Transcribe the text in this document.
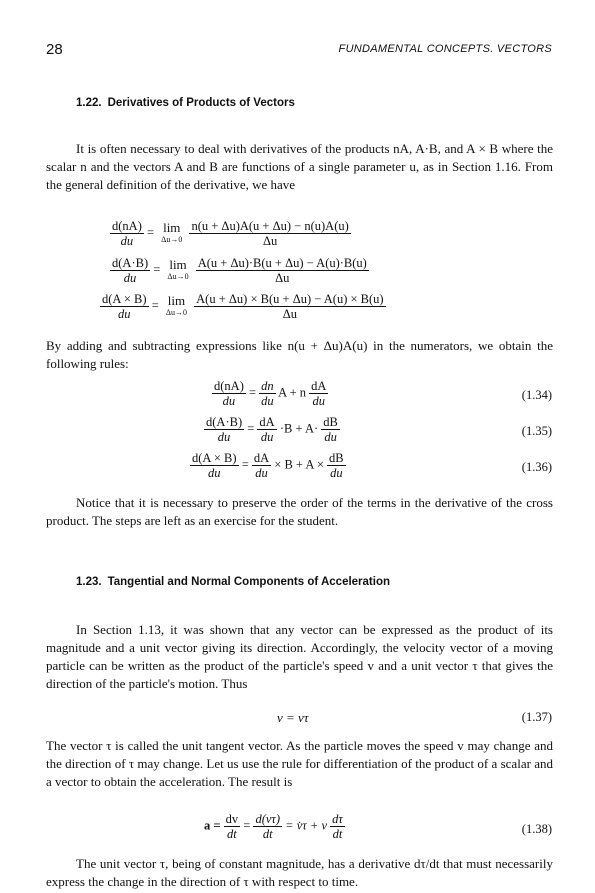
28	FUNDAMENTAL CONCEPTS. VECTORS
1.22. Derivatives of Products of Vectors

It is often necessary to deal with derivatives of the products nA, A·B, and A × B where the scalar n and the vectors A and B are functions of a single parameter u, as in Section 1.16. From the general definition of the derivative, we have

$\frac{d(nA)}{du} = \lim$
Δu→0
$\frac{n(u + \Delta u)A(u + \Delta u) - n(u)A(u)}{\Delta u}$
$\frac{d(A\cdot B)}{du} = \lim$
Δu→0
$\frac{A(u + \Delta u)\cdot B(u + \Delta u) - A(u)\cdot B(u)}{\Delta u}$
$\frac{d(A \times B)}{du} = \lim$
Δu→0
$\frac{A(u + \Delta u) \times B(u + \Delta u) - A(u) \times B(u)}{\Delta u}$

By adding and subtracting expressions like n(u + Δu)A(u) in the numerators, we obtain the following rules:

$\frac{d(nA)}{du} = \frac{dn}{du}$ A + n $\frac{dA}{du}$	(1.34)
$\frac{d(A\cdot B)}{du} = \frac{dA}{du} \cdot B + A\cdot \frac{dB}{du}$	(1.35)
$\frac{d(A \times B)}{du} = \frac{dA}{du} \times B + A \times \frac{dB}{du}$	(1.36)

Notice that it is necessary to preserve the order of the terms in the derivative of the cross product. The steps are left as an exercise for the student.

1.23. Tangential and Normal Components of Acceleration

In Section 1.13, it was shown that any vector can be expressed as the product of its magnitude and a unit vector giving its direction. Accordingly, the velocity vector of a moving particle can be written as the product of the particle's speed v and a unit vector τ that gives the direction of the particle's motion. Thus

v = vτ	(1.37)

The vector τ is called the unit tangent vector. As the particle moves the speed v may change and the direction of τ may change. Let us use the rule for differentiation of the product of a scalar and a vector to obtain the acceleration. The result is

$a = \frac{dv}{dt} = \frac{d(v\tau)}{dt}$ = v̇τ + v $\frac{d\tau}{dt}$	(1.38)

The unit vector τ, being of constant magnitude, has a derivative dτ/dt that must necessarily express the change in the direction of τ with respect to time.
